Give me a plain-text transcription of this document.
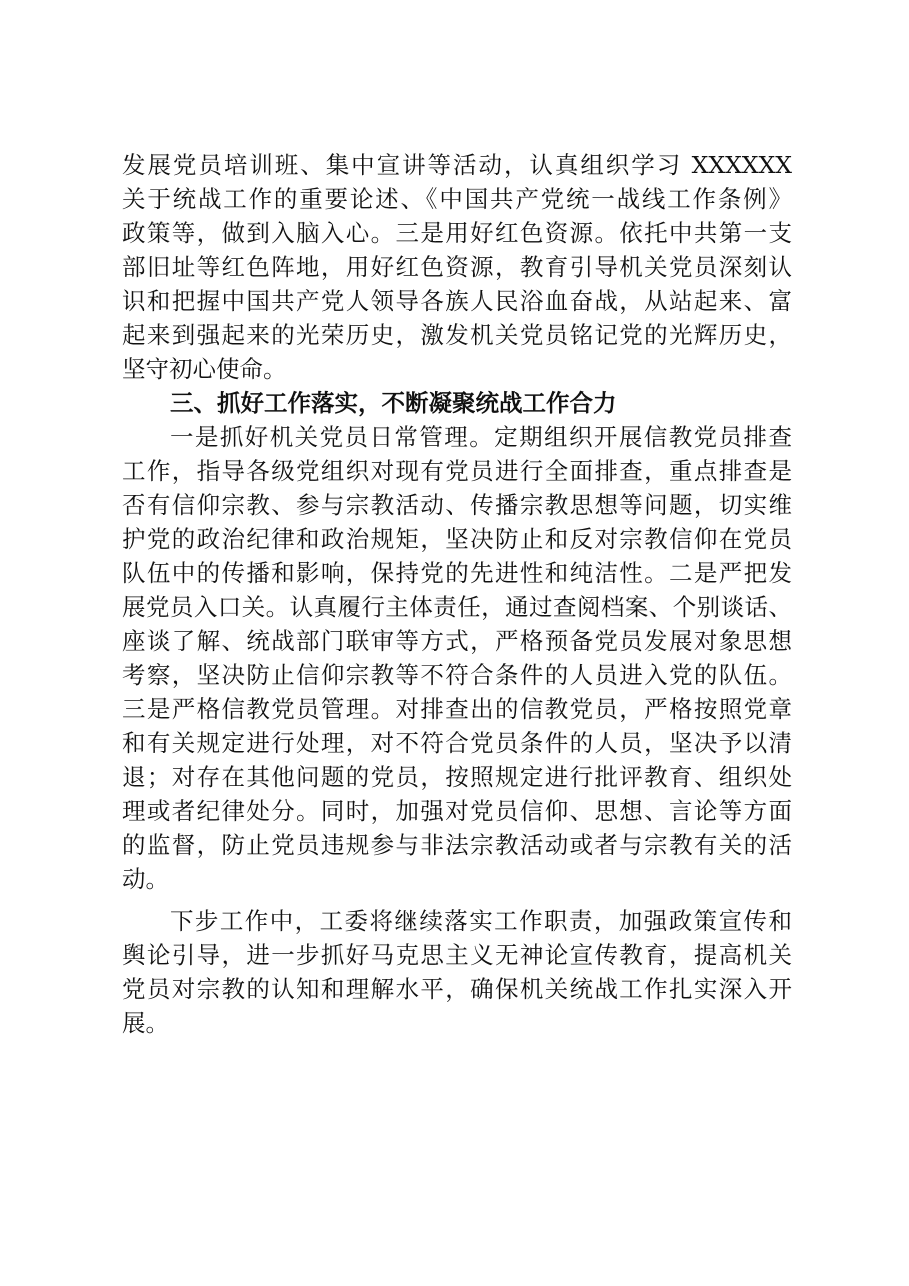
发展党员培训班、集中宣讲等活动，认真组织学习 XXXXXX
关于统战工作的重要论述、《中国共产党统一战线工作条例》
政策等，做到入脑入心。三是用好红色资源。依托中共第一支
部旧址等红色阵地，用好红色资源，教育引导机关党员深刻认
识和把握中国共产党人领导各族人民浴血奋战，从站起来、富
起来到强起来的光荣历史，激发机关党员铭记党的光辉历史，
坚守初心使命。
三、抓好工作落实，不断凝聚统战工作合力
一是抓好机关党员日常管理。定期组织开展信教党员排查
工作，指导各级党组织对现有党员进行全面排查，重点排查是
否有信仰宗教、参与宗教活动、传播宗教思想等问题，切实维
护党的政治纪律和政治规矩，坚决防止和反对宗教信仰在党员
队伍中的传播和影响，保持党的先进性和纯洁性。二是严把发
展党员入口关。认真履行主体责任，通过查阅档案、个别谈话、
座谈了解、统战部门联审等方式，严格预备党员发展对象思想
考察，坚决防止信仰宗教等不符合条件的人员进入党的队伍。
三是严格信教党员管理。对排查出的信教党员，严格按照党章
和有关规定进行处理，对不符合党员条件的人员，坚决予以清
退；对存在其他问题的党员，按照规定进行批评教育、组织处
理或者纪律处分。同时，加强对党员信仰、思想、言论等方面
的监督，防止党员违规参与非法宗教活动或者与宗教有关的活
动。
下步工作中，工委将继续落实工作职责，加强政策宣传和
舆论引导，进一步抓好马克思主义无神论宣传教育，提高机关
党员对宗教的认知和理解水平，确保机关统战工作扎实深入开
展。
